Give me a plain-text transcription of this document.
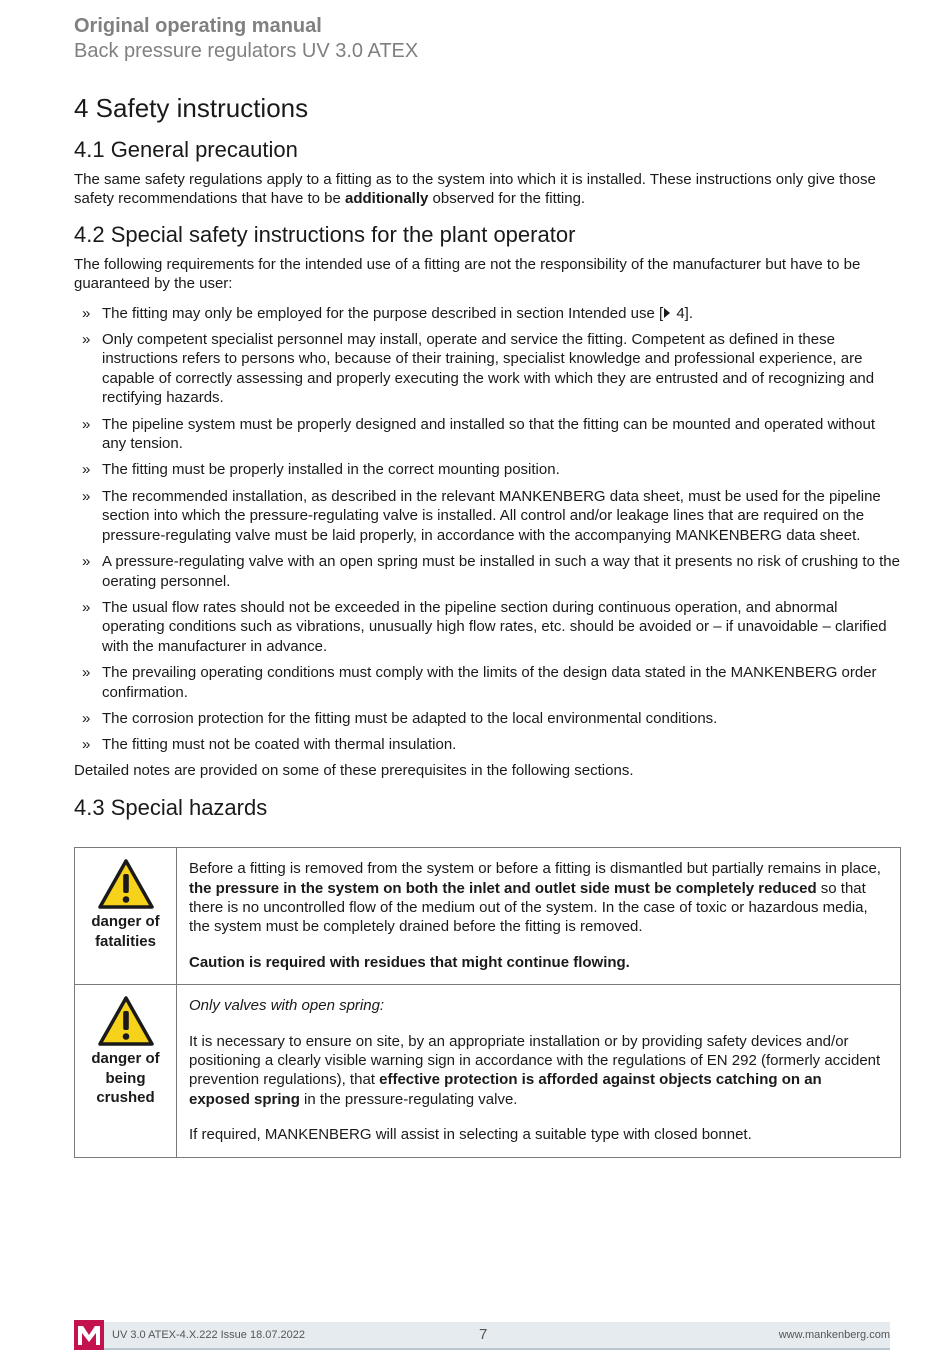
Original operating manual
Back pressure regulators UV 3.0 ATEX
4 Safety instructions
4.1 General precaution

The same safety regulations apply to a fitting as to the system into which it is installed. These instructions only give those safety recommendations that have to be additionally observed for the fitting.

4.2 Special safety instructions for the plant operator

The following requirements for the intended use of a fitting are not the responsibility of the manufacturer but have to be guaranteed by the user:

» The fitting may only be employed for the purpose described in section Intended use [ 4].
» Only competent specialist personnel may install, operate and service the fitting. Competent as defined in these instructions refers to persons who, because of their training, specialist knowledge and professional experience, are capable of correctly assessing and properly executing the work with which they are entrusted and of recognizing and rectifying hazards.
» The pipeline system must be properly designed and installed so that the fitting can be mounted and operated without any tension.
» The fitting must be properly installed in the correct mounting position.
» The recommended installation, as described in the relevant MANKENBERG data sheet, must be used for the pipeline section into which the pressure-regulating valve is installed. All control and/or leakage lines that are required on the pressure-regulating valve must be laid properly, in accordance with the accompanying MANKENBERG data sheet.
» A pressure-regulating valve with an open spring must be installed in such a way that it presents no risk of crushing to the oerating personnel.
» The usual flow rates should not be exceeded in the pipeline section during continuous operation, and abnormal operating conditions such as vibrations, unusually high flow rates, etc. should be avoided or – if unavoidable – clarified with the manufacturer in advance.
» The prevailing operating conditions must comply with the limits of the design data stated in the MANKENBERG order confirmation.
» The corrosion protection for the fitting must be adapted to the local environmental conditions.
» The fitting must not be coated with thermal insulation.

Detailed notes are provided on some of these prerequisites in the following sections.

4.3 Special hazards
danger of fatalities	Before a fitting is removed from the system or before a fitting is dismantled but partially remains in place, the pressure in the system on both the inlet and outlet side must be completely reduced so that there is no uncontrolled flow of the medium out of the system. In the case of toxic or hazardous media, the system must be completely drained before the fitting is removed.

Caution is required with residues that might continue flowing.

danger of being crushed	Only valves with open spring:

It is necessary to ensure on site, by an appropriate installation or by providing safety devices and/or positioning a clearly visible warning sign in accordance with the regulations of EN 292 (formerly accident prevention regulations), that effective protection is afforded against objects catching on an exposed spring in the pressure-regulating valve.

If required, MANKENBERG will assist in selecting a suitable type with closed bonnet.

UV 3.0 ATEX-4.X.222 Issue 18.07.2022	7	www.mankenberg.com
